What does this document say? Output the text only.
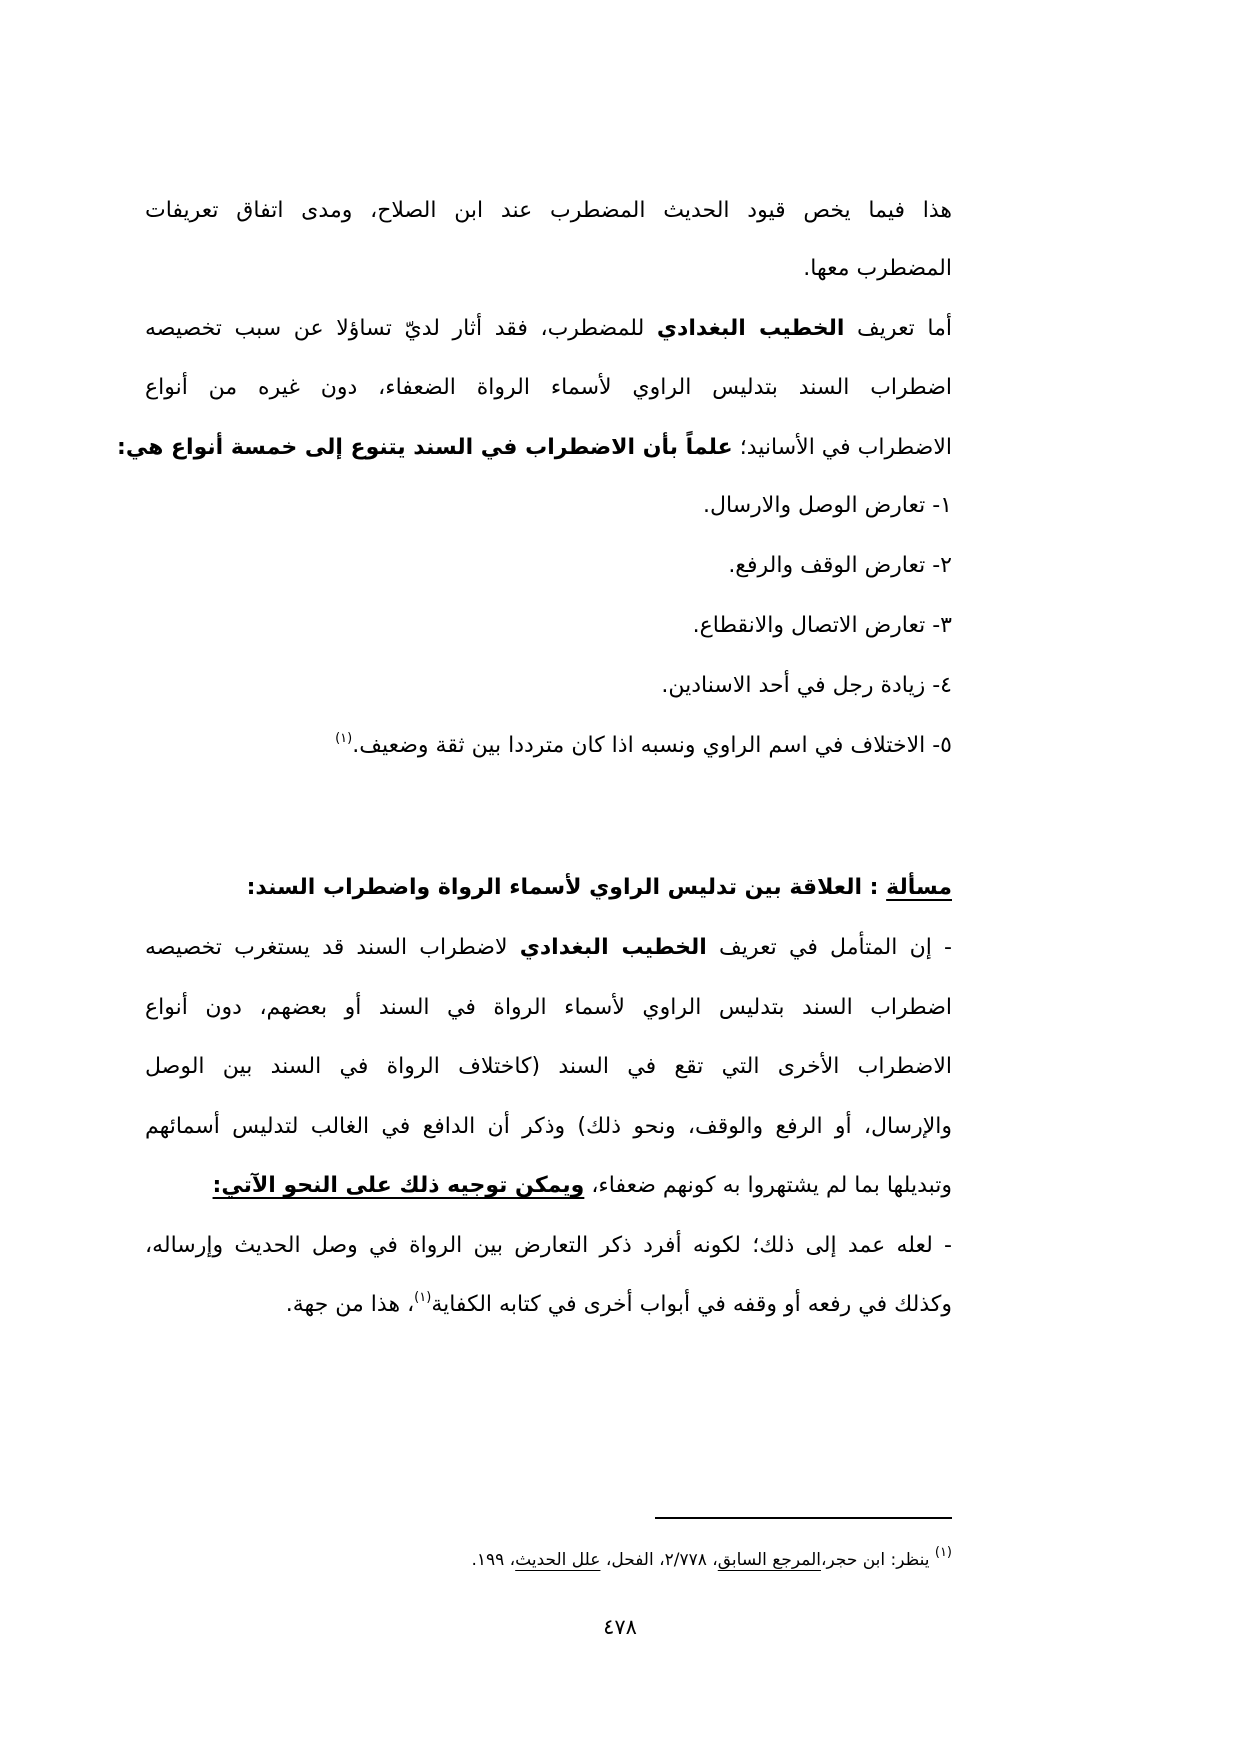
هذا فيما يخص قيود الحديث المضطرب عند ابن الصلاح، ومدى اتفاق تعريفات

المضطرب معها.

أما تعريف الخطيب البغدادي للمضطرب، فقد أثار لديّ تساؤلا عن سبب تخصيصه

اضطراب السند بتدليس الراوي لأسماء الرواة الضعفاء، دون غيره من أنواع

الاضطراب في الأسانيد؛ علماً بأن الاضطراب في السند يتنوع إلى خمسة أنواع هي:

١- تعارض الوصل والارسال.

٢- تعارض الوقف والرفع.

٣- تعارض الاتصال والانقطاع.

٤- زيادة رجل في أحد الاسنادين.

٥- الاختلاف في اسم الراوي ونسبه اذا كان مترددا بين ثقة وضعيف.$^{(١)}$

مسألة : العلاقة بين تدليس الراوي لأسماء الرواة واضطراب السند:

- إن المتأمل في تعريف الخطيب البغدادي لاضطراب السند قد يستغرب تخصيصه

اضطراب السند بتدليس الراوي لأسماء الرواة في السند أو بعضهم، دون أنواع

الاضطراب الأخرى التي تقع في السند (كاختلاف الرواة في السند بين الوصل

والإرسال، أو الرفع والوقف، ونحو ذلك) وذكر أن الدافع في الغالب لتدليس أسمائهم

وتبديلها بما لم يشتهروا به كونهم ضعفاء، ويمكن توجيه ذلك على النحو الآتي:

- لعله عمد إلى ذلك؛ لكونه أفرد ذكر التعارض بين الرواة في وصل الحديث وإرساله،

وكذلك في رفعه أو وقفه في أبواب أخرى في كتابه الكفاية$^{(١)}$، هذا من جهة.

$^{(١)}$ ينظر: ابن حجر،المرجع السابق، ٢/٧٧٨، الفحل، علل الحديث، ١٩٩.

٤٧٨
